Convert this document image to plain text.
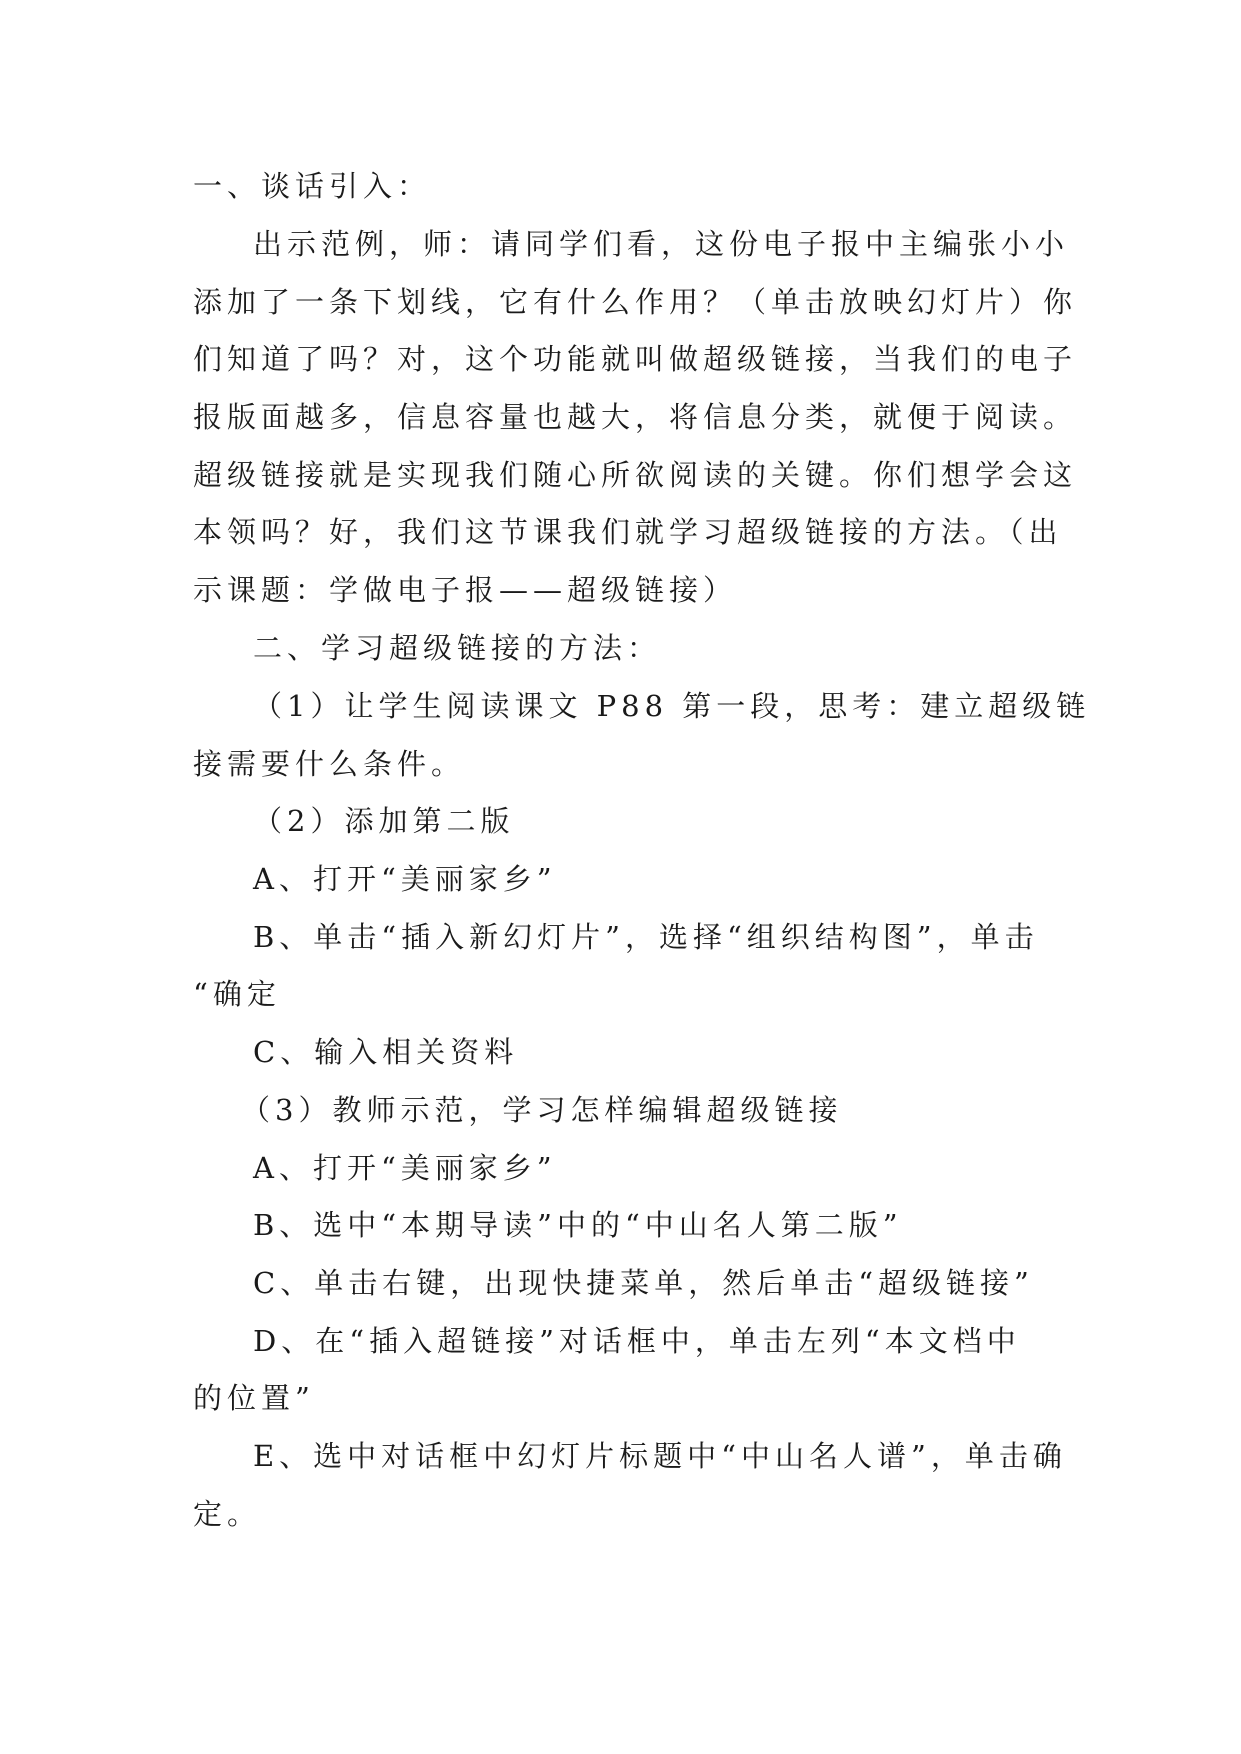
一、谈话引入：
出示范例，师：请同学们看，这份电子报中主编张小小
添加了一条下划线，它有什么作用？（单击放映幻灯片）你
们知道了吗？对，这个功能就叫做超级链接，当我们的电子
报版面越多，信息容量也越大，将信息分类，就便于阅读。
超级链接就是实现我们随心所欲阅读的关键。你们想学会这
本领吗？好，我们这节课我们就学习超级链接的方法。（出
示课题：学做电子报——超级链接）
二、学习超级链接的方法：
（1）让学生阅读课文 P88 第一段，思考：建立超级链
接需要什么条件。
（2）添加第二版
A、打开“美丽家乡”
B、单击“插入新幻灯片”，选择“组织结构图”，单击
“确定
C、输入相关资料
（3）教师示范，学习怎样编辑超级链接
A、打开“美丽家乡”
B、选中“本期导读”中的“中山名人第二版”
C、单击右键，出现快捷菜单，然后单击“超级链接”
D、在“插入超链接”对话框中，单击左列“本文档中
的位置”
E、选中对话框中幻灯片标题中“中山名人谱”，单击确
定。
